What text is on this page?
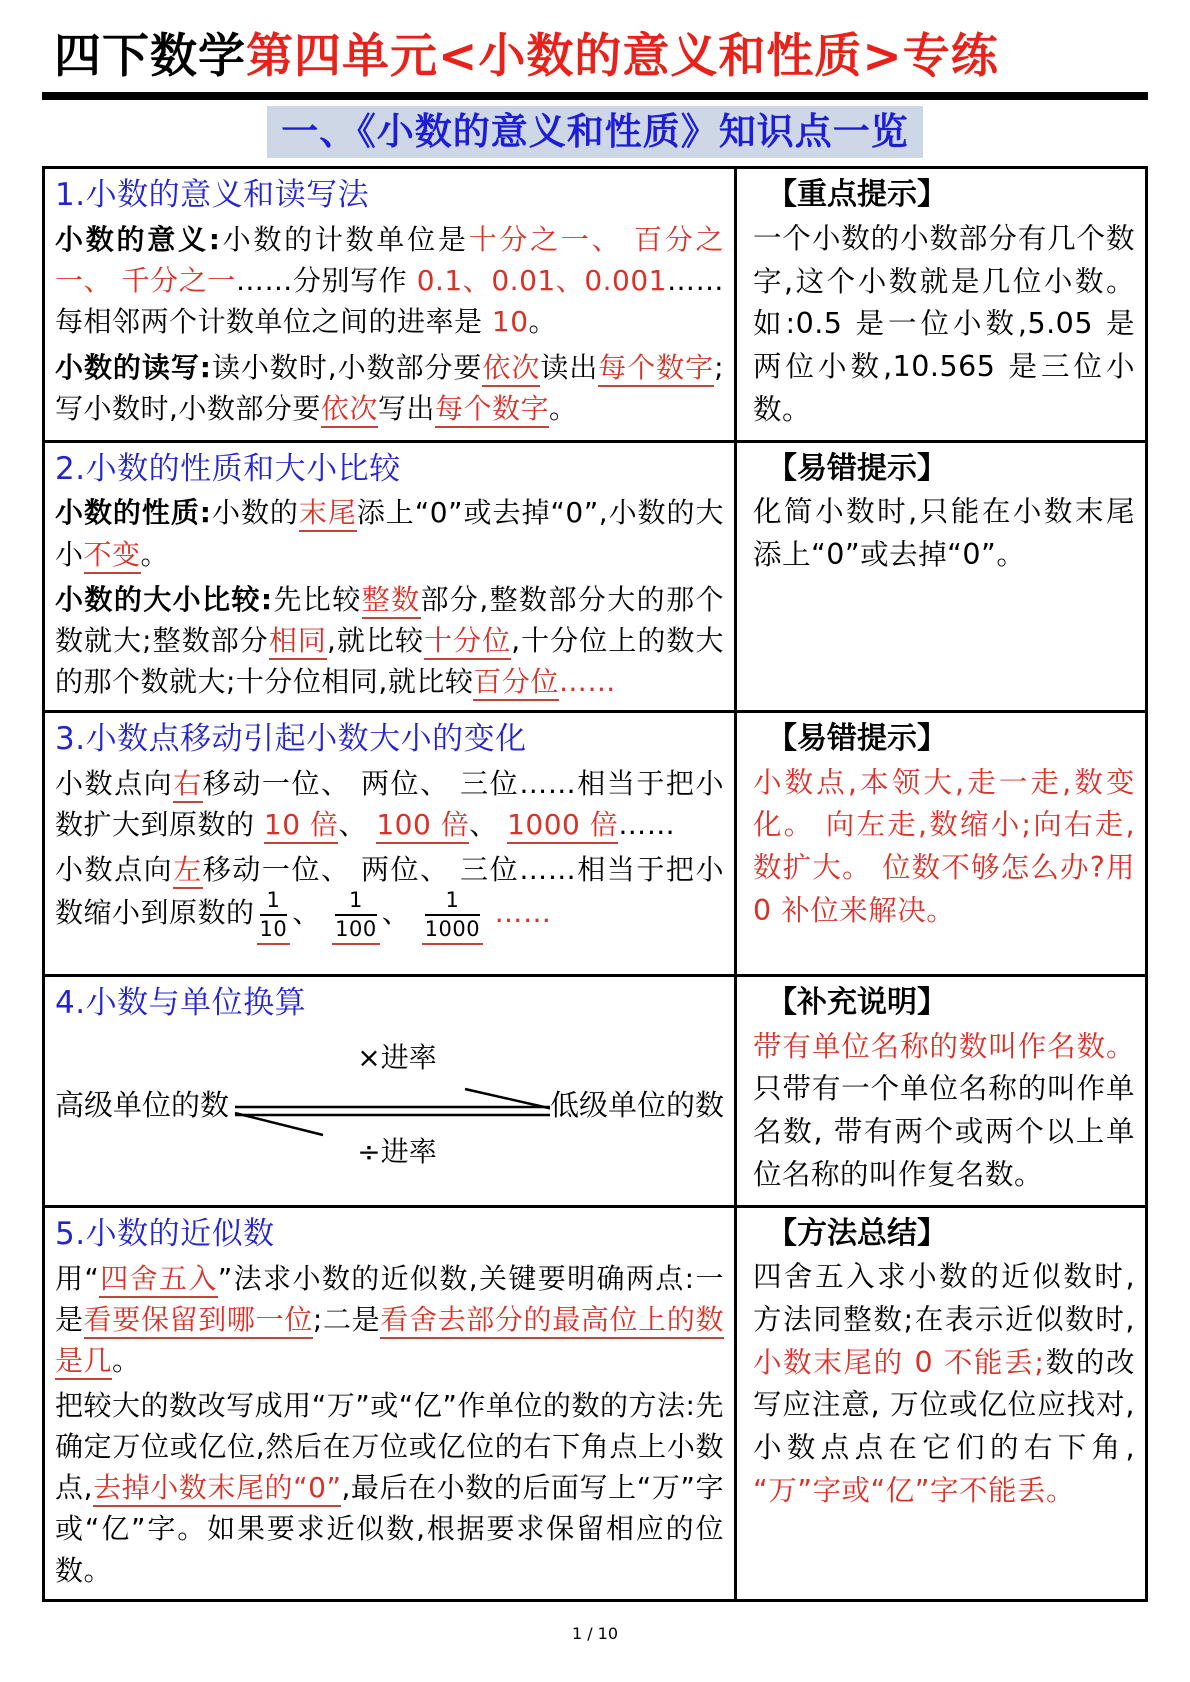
四下数学第四单元<小数的意义和性质>专练
一、《小数的意义和性质》知识点一览
1.小数的意义和读写法
小数的意义:小数的计数单位是十分之一、 百分之一、 千分之一……分别写作 0.1、0.01、0.001……每相邻两个计数单位之间的进率是 10。
小数的读写:读小数时,小数部分要依次读出每个数字;写小数时,小数部分要依次写出每个数字。
【重点提示】
一个小数的小数部分有几个数字,这个小数就是几位小数。如:0.5 是一位小数,5.05 是两位小数,10.565 是三位小数。
2.小数的性质和大小比较
小数的性质:小数的末尾添上“0”或去掉“0”,小数的大小不变。
小数的大小比较:先比较整数部分,整数部分大的那个数就大;整数部分相同,就比较十分位,十分位上的数大的那个数就大;十分位相同,就比较百分位……
【易错提示】
化简小数时,只能在小数末尾添上“0”或去掉“0”。
3.小数点移动引起小数大小的变化
小数点向右移动一位、 两位、 三位……相当于把小数扩大到原数的 10 倍、 100 倍、 1000 倍……
小数点向左移动一位、 两位、 三位……相当于把小数缩小到原数的 $\frac{1}{10}$ 、 $\frac{1}{100}$ 、 $\frac{1}{1000}$ ……
【易错提示】
小数点,本领大,走一走,数变化。 向左走,数缩小;向右走,数扩大。 位数不够怎么办?用 0 补位来解决。
4.小数与单位换算
高级单位的数
×进率
÷进率
低级单位的数
【补充说明】
带有单位名称的数叫作名数。只带有一个单位名称的叫作单名数, 带有两个或两个以上单位名称的叫作复名数。
5.小数的近似数
用“四舍五入”法求小数的近似数,关键要明确两点:一是看要保留到哪一位;二是看舍去部分的最高位上的数是几。
把较大的数改写成用“万”或“亿”作单位的数的方法:先确定万位或亿位,然后在万位或亿位的右下角点上小数点,去掉小数末尾的“0”,最后在小数的后面写上“万”字或“亿”字。如果要求近似数,根据要求保留相应的位数。
【方法总结】
四舍五入求小数的近似数时,方法同整数;在表示近似数时,小数末尾的 0 不能丢;数的改写应注意, 万位或亿位应找对,小数点点在它们的右下角, “万”字或“亿”字不能丢。
1 / 10
